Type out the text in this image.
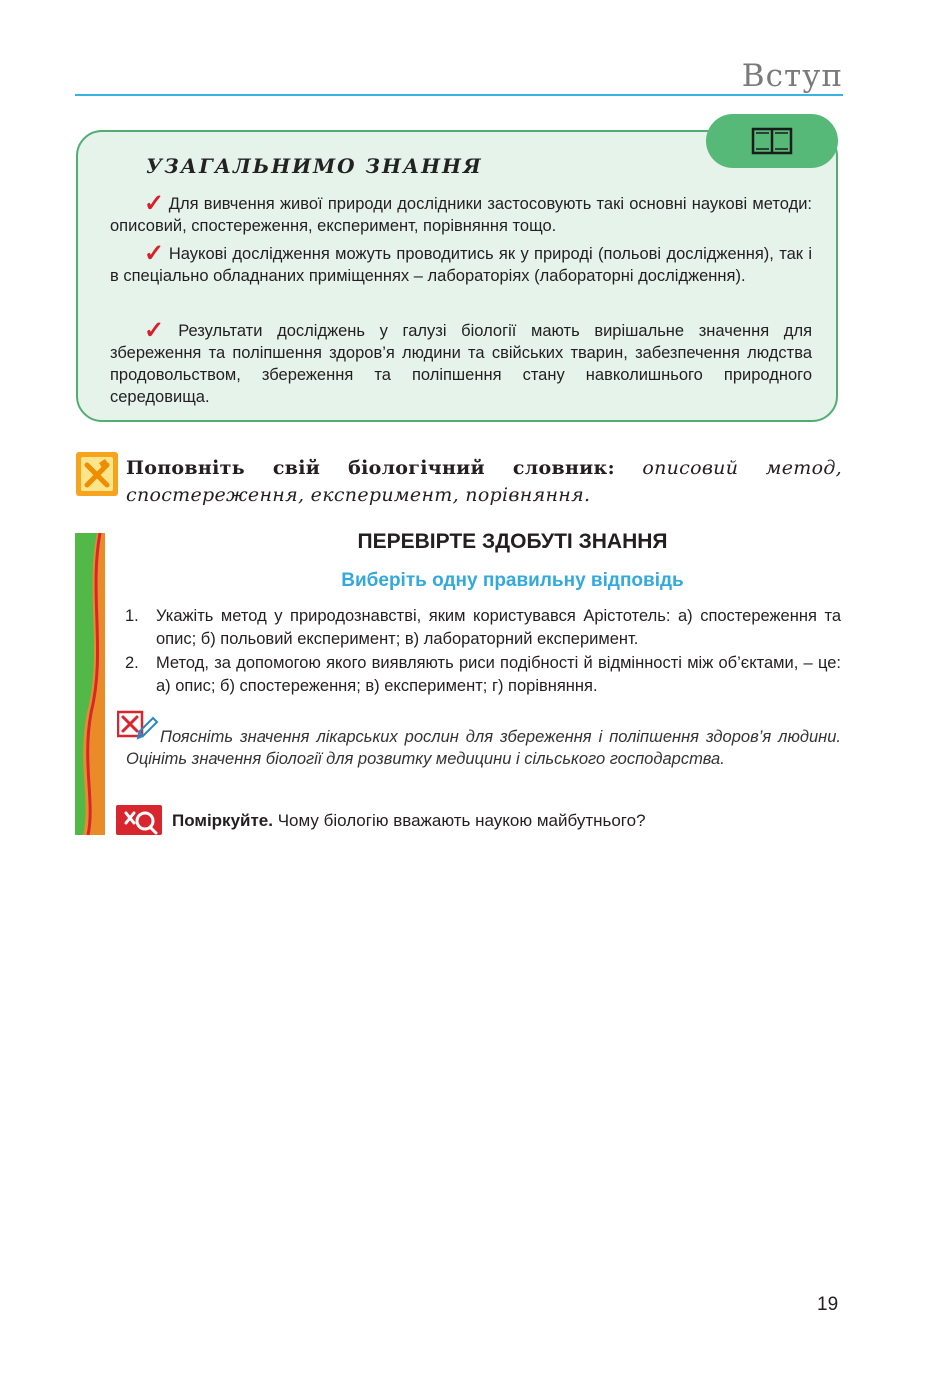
Вступ
УЗАГАЛЬНИМО ЗНАННЯ
✓ Для вивчення живої природи дослідники застосовують такі основні наукові методи: описовий, спостереження, експеримент, порівняння тощо.
✓ Наукові дослідження можуть проводитись як у природі (польові дослідження), так і в спеціально обладнаних приміщеннях – лабораторіях (лабораторні дослідження).
✓ Результати досліджень у галузі біології мають вирішальне значення для збереження та поліпшення здоров’я людини та свійських тварин, забезпечення людства продовольством, збереження та поліпшення стану навколишнього природного середовища.
Поповніть свій біологічний словник: описовий метод, спостереження, експеримент, порівняння.
ПЕРЕВІРТЕ ЗДОБУТІ ЗНАННЯ
Виберіть одну правильну відповідь
1.	Укажіть метод у природознавстві, яким користувався Арістотель: а) спостереження та опис; б) польовий експеримент; в) лабораторний експеримент.
2.	Метод, за допомогою якого виявляють риси подібності й відмінності між об’єктами, – це: а) опис; б) спостереження; в) експеримент; г) порівняння.
Поясніть значення лікарських рослин для збереження і поліпшення здоров’я людини. Оцініть значення біології для розвитку медицини і сільського господарства.
Поміркуйте. Чому біологію вважають наукою майбутнього?
19
